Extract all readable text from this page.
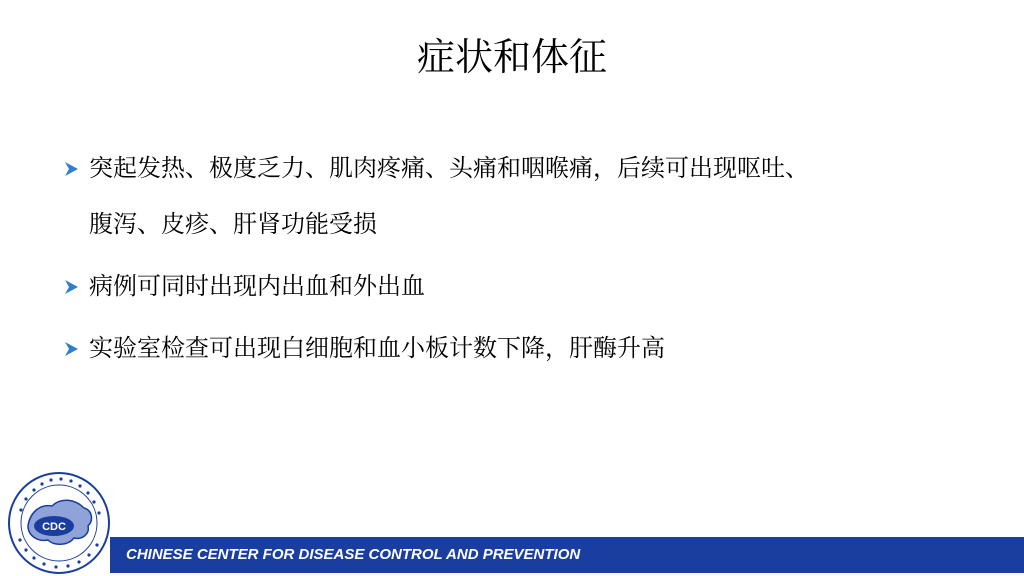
症状和体征
突起发热、极度乏力、肌肉疼痛、头痛和咽喉痛，后续可出现呕吐、
腹泻、皮疹、肝肾功能受损
病例可同时出现内出血和外出血
实验室检查可出现白细胞和血小板计数下降，肝酶升高
CDC
CHINESE CENTER FOR DISEASE CONTROL AND PREVENTION
